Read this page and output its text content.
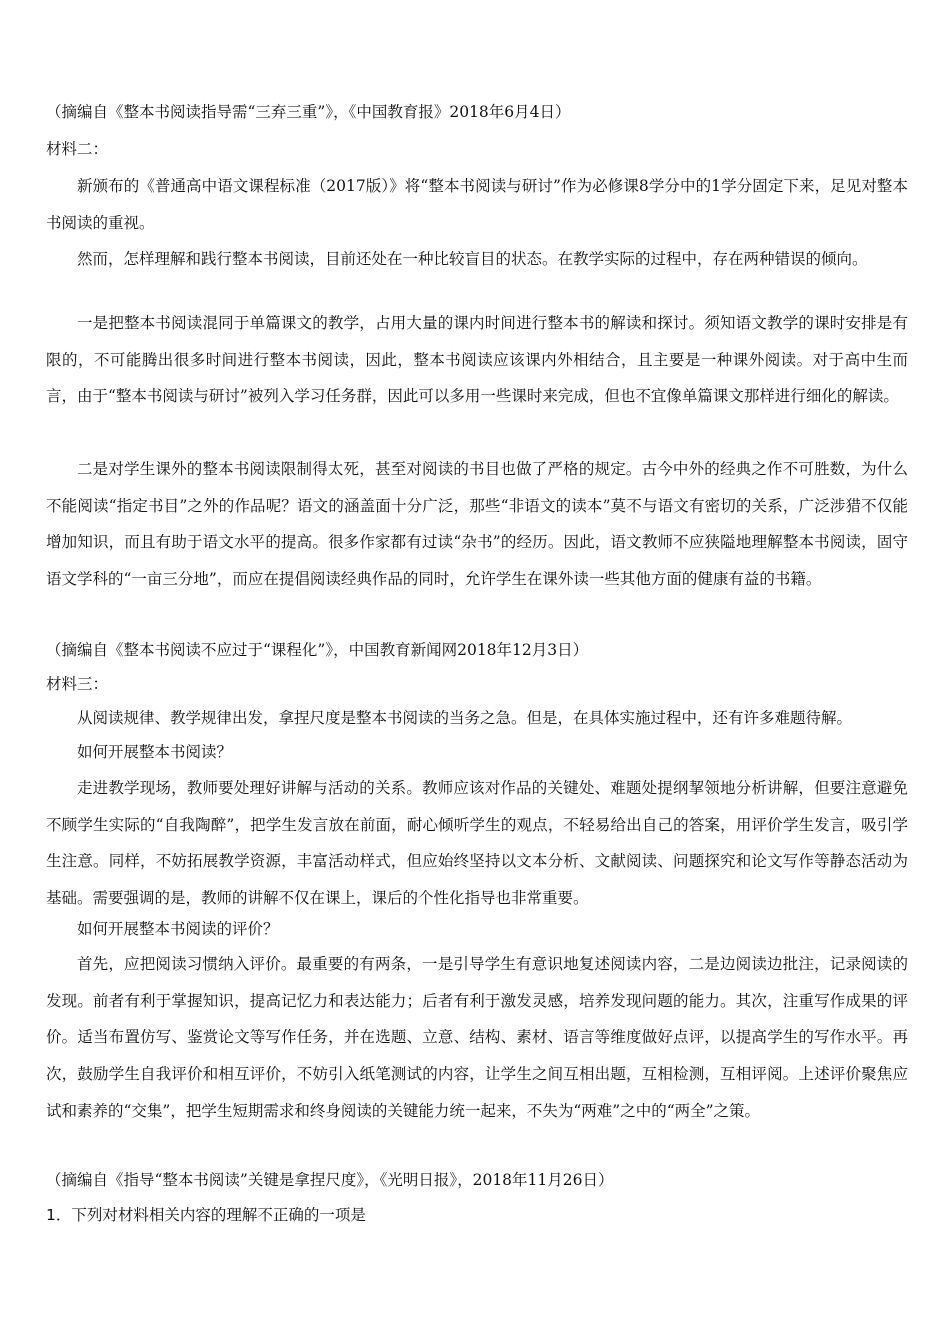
（摘编自《整本书阅读指导需“三弃三重”》，《中国教育报》2018年6月4日）

材料二：

新颁布的《普通高中语文课程标准（2017版）》将“整本书阅读与研讨”作为必修课8学分中的1学分固定下来，足见对整本书阅读的重视。

然而，怎样理解和践行整本书阅读，目前还处在一种比较盲目的状态。在教学实际的过程中，存在两种错误的倾向。

一是把整本书阅读混同于单篇课文的教学，占用大量的课内时间进行整本书的解读和探讨。须知语文教学的课时安排是有限的，不可能腾出很多时间进行整本书阅读，因此，整本书阅读应该课内外相结合，且主要是一种课外阅读。对于高中生而言，由于“整本书阅读与研讨”被列入学习任务群，因此可以多用一些课时来完成，但也不宜像单篇课文那样进行细化的解读。

二是对学生课外的整本书阅读限制得太死，甚至对阅读的书目也做了严格的规定。古今中外的经典之作不可胜数，为什么不能阅读“指定书目”之外的作品呢？语文的涵盖面十分广泛，那些“非语文的读本”莫不与语文有密切的关系，广泛涉猎不仅能增加知识，而且有助于语文水平的提高。很多作家都有过读“杂书”的经历。因此，语文教师不应狭隘地理解整本书阅读，固守语文学科的“一亩三分地”，而应在提倡阅读经典作品的同时，允许学生在课外读一些其他方面的健康有益的书籍。

（摘编自《整本书阅读不应过于“课程化”》，中国教育新闻网2018年12月3日）

材料三：

从阅读规律、教学规律出发，拿捏尺度是整本书阅读的当务之急。但是，在具体实施过程中，还有许多难题待解。

如何开展整本书阅读？

走进教学现场，教师要处理好讲解与活动的关系。教师应该对作品的关键处、难题处提纲挈领地分析讲解，但要注意避免不顾学生实际的“自我陶醉”，把学生发言放在前面，耐心倾听学生的观点，不轻易给出自己的答案，用评价学生发言，吸引学生注意。同样，不妨拓展教学资源，丰富活动样式，但应始终坚持以文本分析、文献阅读、问题探究和论文写作等静态活动为基础。需要强调的是，教师的讲解不仅在课上，课后的个性化指导也非常重要。

如何开展整本书阅读的评价？

首先，应把阅读习惯纳入评价。最重要的有两条，一是引导学生有意识地复述阅读内容，二是边阅读边批注，记录阅读的发现。前者有利于掌握知识，提高记忆力和表达能力；后者有利于激发灵感，培养发现问题的能力。其次，注重写作成果的评价。适当布置仿写、鉴赏论文等写作任务，并在选题、立意、结构、素材、语言等维度做好点评，以提高学生的写作水平。再次，鼓励学生自我评价和相互评价，不妨引入纸笔测试的内容，让学生之间互相出题，互相检测，互相评阅。上述评价聚焦应试和素养的“交集”，把学生短期需求和终身阅读的关键能力统一起来，不失为“两难”之中的“两全”之策。

（摘编自《指导“整本书阅读”关键是拿捏尺度》，《光明日报》，2018年11月26日）

1．下列对材料相关内容的理解不正确的一项是
